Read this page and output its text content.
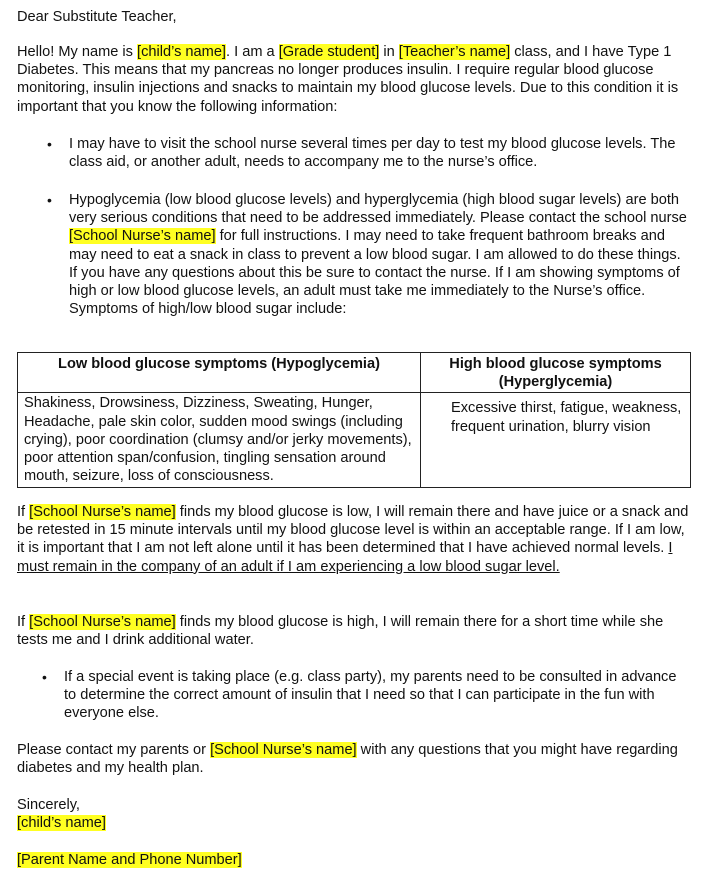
Dear Substitute Teacher,

Hello! My name is [child’s name]. I am a [Grade student] in [Teacher’s name] class, and I have Type 1 Diabetes. This means that my pancreas no longer produces insulin. I require regular blood glucose monitoring, insulin injections and snacks to maintain my blood glucose levels. Due to this condition it is important that you know the following information:

• I may have to visit the school nurse several times per day to test my blood glucose levels. The class aid, or another adult, needs to accompany me to the nurse’s office.
• Hypoglycemia (low blood glucose levels) and hyperglycemia (high blood sugar levels) are both very serious conditions that need to be addressed immediately. Please contact the school nurse [School Nurse’s name] for full instructions. I may need to take frequent bathroom breaks and may need to eat a snack in class to prevent a low blood sugar. I am allowed to do these things. If you have any questions about this be sure to contact the nurse. If I am showing symptoms of high or low blood glucose levels, an adult must take me immediately to the Nurse’s office. Symptoms of high/low blood sugar include:
Low blood glucose symptoms (Hypoglycemia)	High blood glucose symptoms (Hyperglycemia)
Shakiness, Drowsiness, Dizziness, Sweating, Hunger, Headache, pale skin color, sudden mood swings (including crying), poor coordination (clumsy and/or jerky movements), poor attention span/confusion, tingling sensation around mouth, seizure, loss of consciousness.	Excessive thirst, fatigue, weakness, frequent urination, blurry vision

If [School Nurse’s name] finds my blood glucose is low, I will remain there and have juice or a snack and be retested in 15 minute intervals until my blood glucose level is within an acceptable range. If I am low, it is important that I am not left alone until it has been determined that I have achieved normal levels. I must remain in the company of an adult if I am experiencing a low blood sugar level.

If [School Nurse’s name] finds my blood glucose is high, I will remain there for a short time while she tests me and I drink additional water.

• If a special event is taking place (e.g. class party), my parents need to be consulted in advance to determine the correct amount of insulin that I need so that I can participate in the fun with everyone else.

Please contact my parents or [School Nurse’s name] with any questions that you might have regarding diabetes and my health plan.

Sincerely,

[child’s name]

[Parent Name and Phone Number]
